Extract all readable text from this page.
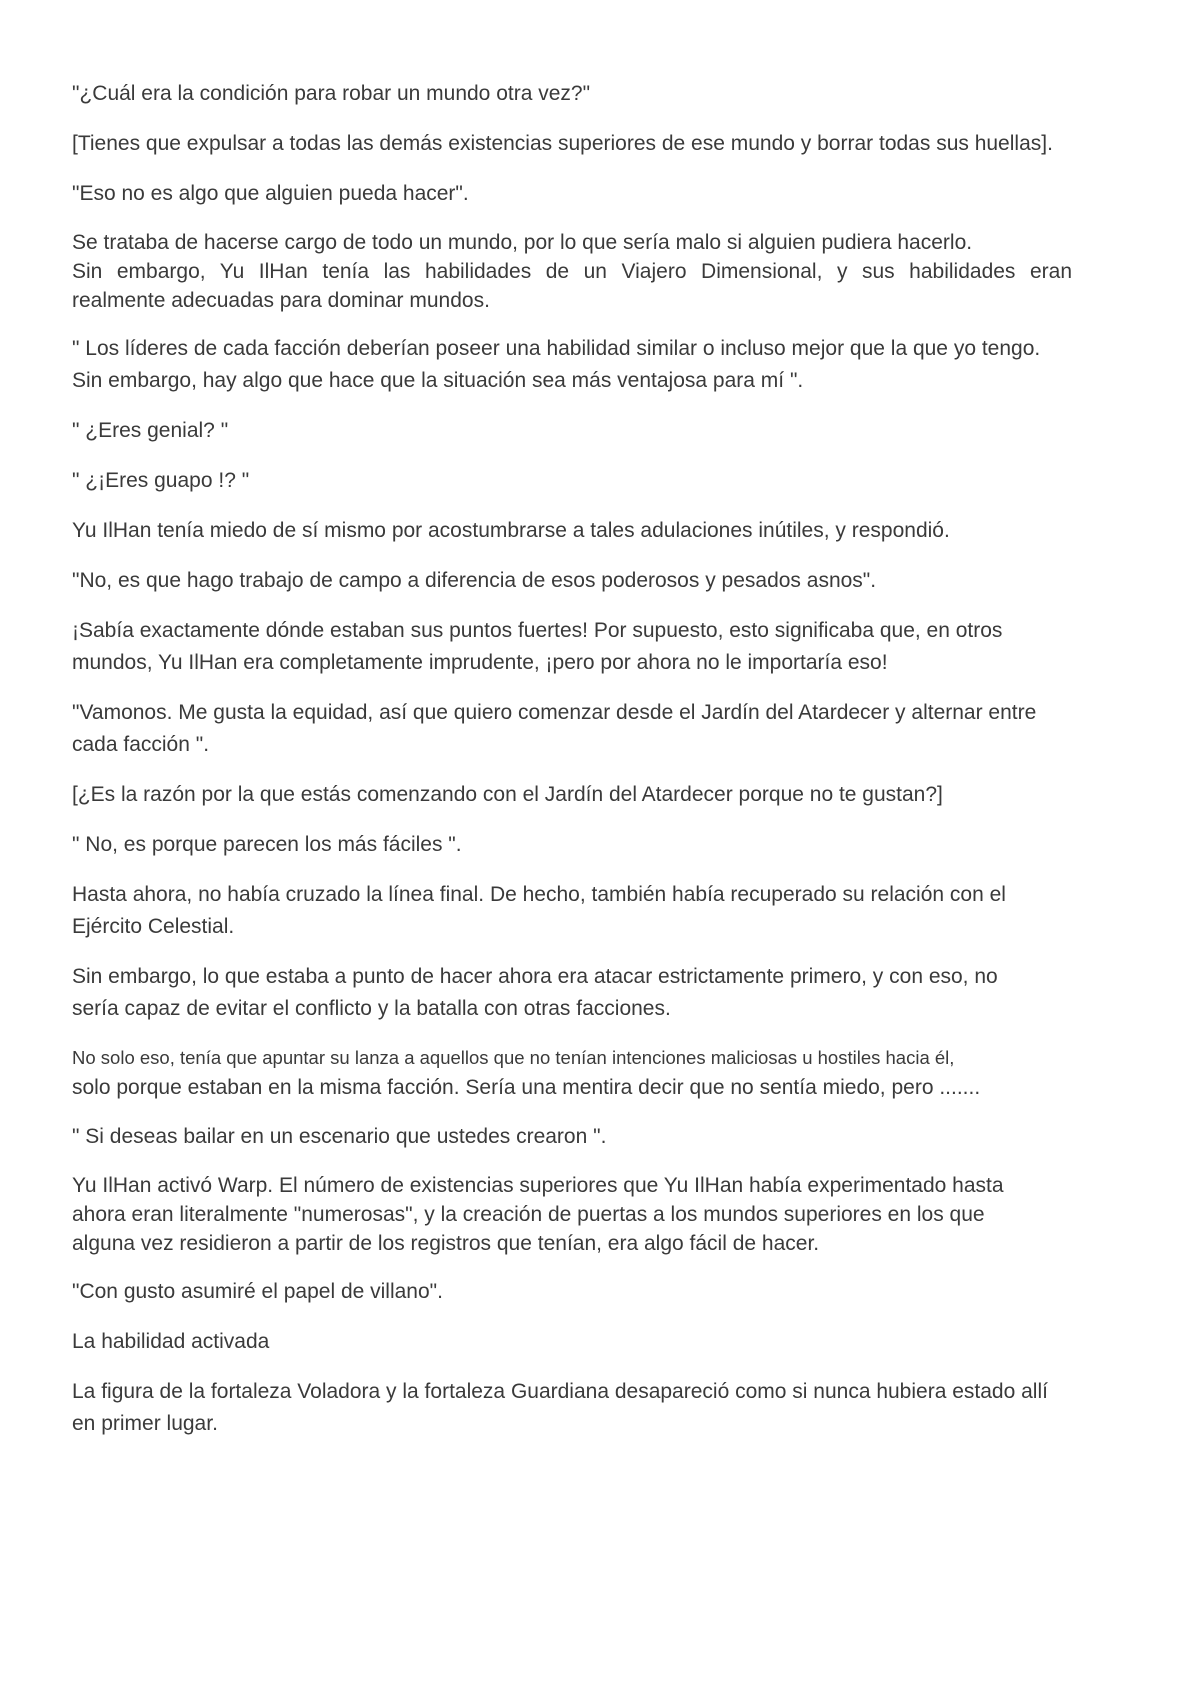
"¿Cuál era la condición para robar un mundo otra vez?"

[Tienes que expulsar a todas las demás existencias superiores de ese mundo y borrar todas sus huellas].

"Eso no es algo que alguien pueda hacer".

Se trataba de hacerse cargo de todo un mundo, por lo que sería malo si alguien pudiera hacerlo.
Sin embargo, Yu IlHan tenía las habilidades de un Viajero Dimensional, y sus habilidades eran
realmente adecuadas para dominar mundos.

" Los líderes de cada facción deberían poseer una habilidad similar o incluso mejor que la que yo tengo.
Sin embargo, hay algo que hace que la situación sea más ventajosa para mí ".

" ¿Eres genial? "

" ¿¡Eres guapo !? "

Yu IlHan tenía miedo de sí mismo por acostumbrarse a tales adulaciones inútiles, y respondió.

"No, es que hago trabajo de campo a diferencia de esos poderosos y pesados asnos".

¡Sabía exactamente dónde estaban sus puntos fuertes! Por supuesto, esto significaba que, en otros
mundos, Yu IlHan era completamente imprudente, ¡pero por ahora no le importaría eso!

"Vamonos. Me gusta la equidad, así que quiero comenzar desde el Jardín del Atardecer y alternar entre
cada facción ".

[¿Es la razón por la que estás comenzando con el Jardín del Atardecer porque no te gustan?]

" No, es porque parecen los más fáciles ".

Hasta ahora, no había cruzado la línea final. De hecho, también había recuperado su relación con el
Ejército Celestial.

Sin embargo, lo que estaba a punto de hacer ahora era atacar estrictamente primero, y con eso, no
sería capaz de evitar el conflicto y la batalla con otras facciones.

No solo eso, tenía que apuntar su lanza a aquellos que no tenían intenciones maliciosas u hostiles hacia él,
solo porque estaban en la misma facción. Sería una mentira decir que no sentía miedo, pero .......

" Si deseas bailar en un escenario que ustedes crearon ".

Yu IlHan activó Warp. El número de existencias superiores que Yu IlHan había experimentado hasta
ahora eran literalmente "numerosas", y la creación de puertas a los mundos superiores en los que
alguna vez residieron a partir de los registros que tenían, era algo fácil de hacer.

"Con gusto asumiré el papel de villano".

La habilidad activada

La figura de la fortaleza Voladora y la fortaleza Guardiana desapareció como si nunca hubiera estado allí
en primer lugar.
